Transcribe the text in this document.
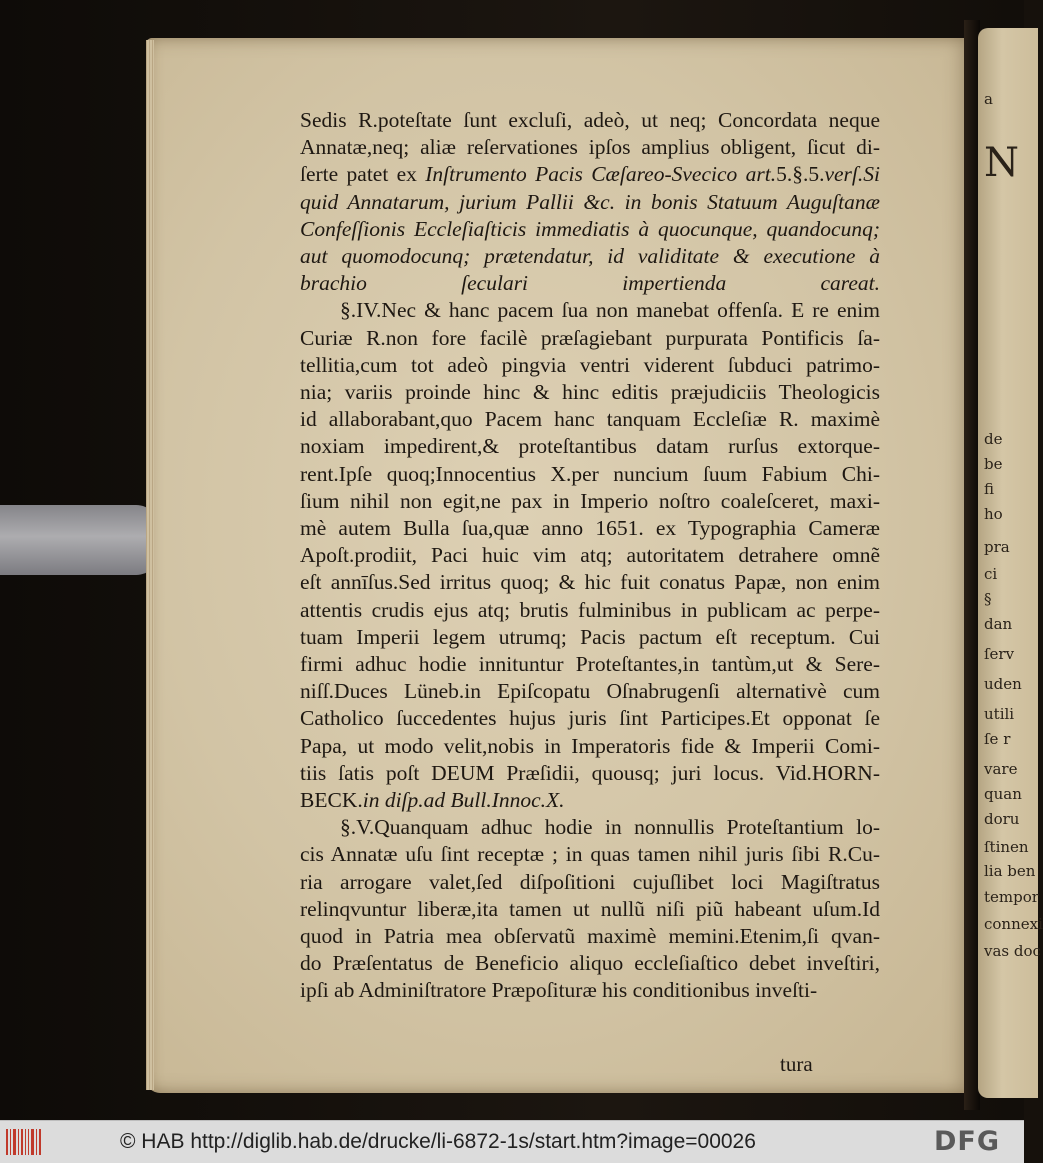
a
N
de
be
fi
ho
pra
ci
§
dan
ſerv
uden
utili
ſe r
vare
quan
doru
ſtinen
lia ben
tempor
connexi
vas doc
Sedis R.poteſtate ſunt excluſi, adeò, ut neq; Concordata neque
Annatæ,neq; aliæ reſervationes ipſos amplius obligent, ſicut di-
ſerte patet ex Inſtrumento Pacis Cæſareo-Svecico art.5.§.5.verſ.Si
quid Annatarum, jurium Pallii &c. in bonis Statuum Auguſtanæ
Confeſſionis Eccleſiaſticis immediatis à quocunque, quandocunq;
aut quomodocunq; prætendatur, id validitate & executione à
brachio ſeculari impertienda careat.
§.IV.Nec & hanc pacem ſua non manebat offenſa. E re enim
Curiæ R.non fore facilè præſagiebant purpurata Pontificis ſa-
tellitia,cum tot adeò pingvia ventri viderent ſubduci patrimo-
nia; variis proinde hinc & hinc editis præjudiciis Theologicis
id allaborabant,quo Pacem hanc tanquam Eccleſiæ R. maximè
noxiam impedirent,& proteſtantibus datam rurſus extorque-
rent.Ipſe quoq;Innocentius X.per nuncium ſuum Fabium Chi-
ſium nihil non egit,ne pax in Imperio noſtro coaleſceret, maxi-
mè autem Bulla ſua,quæ anno 1651. ex Typographia Cameræ
Apoſt.prodiit, Paci huic vim atq; autoritatem detrahere omnẽ
eſt annīſus.Sed irritus quoq; & hic fuit conatus Papæ, non enim
attentis crudis ejus atq; brutis fulminibus in publicam ac perpe-
tuam Imperii legem utrumq; Pacis pactum eſt receptum. Cui
firmi adhuc hodie innituntur Proteſtantes,in tantùm,ut & Sere-
niſſ.Duces Lüneb.in Epiſcopatu Oſnabrugenſi alternativè cum
Catholico ſuccedentes hujus juris ſint Participes.Et opponat ſe
Papa, ut modo velit,nobis in Imperatoris fide & Imperii Comi-
tiis ſatis poſt DEUM Præſidii, quousq; juri locus. Vid.HORN-
BECK.in diſp.ad Bull.Innoc.X.
§.V.Quanquam adhuc hodie in nonnullis Proteſtantium lo-
cis Annatæ uſu ſint receptæ ; in quas tamen nihil juris ſibi R.Cu-
ria arrogare valet,ſed diſpoſitioni cujuſlibet loci Magiſtratus
relinqvuntur liberæ,ita tamen ut nullũ niſi piũ habeant uſum.Id
quod in Patria mea obſervatũ maximè memini.Etenim,ſi qvan-
do Præſentatus de Beneficio aliquo eccleſiaſtico debet inveſtiri,
ipſi ab Adminiſtratore Præpoſituræ his conditionibus inveſti-
tura
© HAB http://diglib.hab.de/drucke/li-6872-1s/start.htm?image=00026	DFG
